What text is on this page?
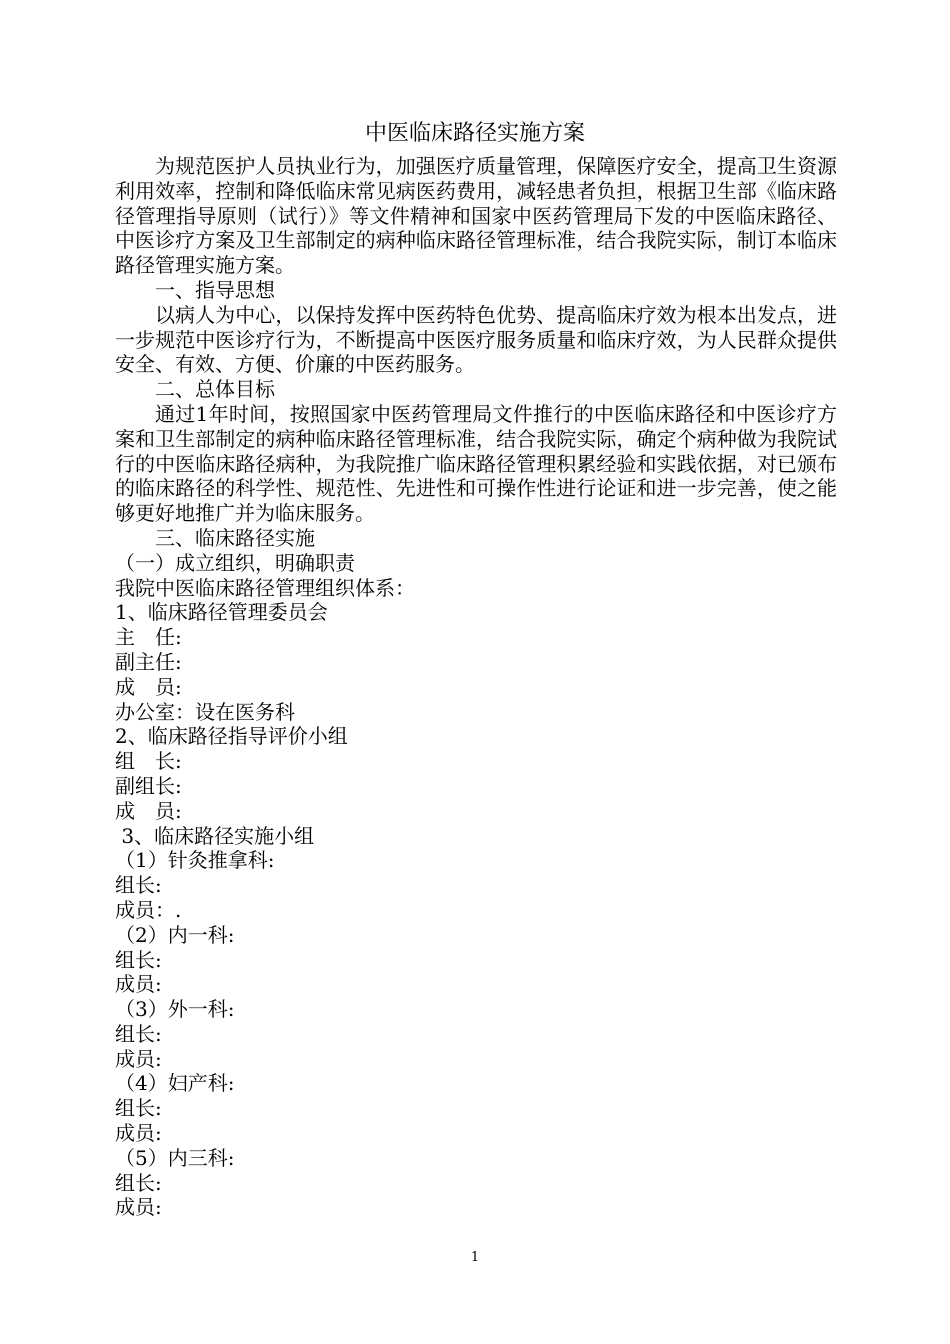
中医临床路径实施方案

为规范医护人员执业行为，加强医疗质量管理，保障医疗安全，提高卫生资源利用效率，控制和降低临床常见病医药费用，减轻患者负担，根据卫生部《临床路径管理指导原则（试行）》等文件精神和国家中医药管理局下发的中医临床路径、中医诊疗方案及卫生部制定的病种临床路径管理标准，结合我院实际，制订本临床路径管理实施方案。

一、指导思想

以病人为中心，以保持发挥中医药特色优势、提高临床疗效为根本出发点，进一步规范中医诊疗行为，不断提高中医医疗服务质量和临床疗效，为人民群众提供安全、有效、方便、价廉的中医药服务。

二、总体目标

通过1年时间，按照国家中医药管理局文件推行的中医临床路径和中医诊疗方案和卫生部制定的病种临床路径管理标准，结合我院实际，确定个病种做为我院试行的中医临床路径病种，为我院推广临床路径管理积累经验和实践依据，对已颁布的临床路径的科学性、规范性、先进性和可操作性进行论证和进一步完善，使之能够更好地推广并为临床服务。

三、临床路径实施

（一）成立组织，明确职责

我院中医临床路径管理组织体系：

1、临床路径管理委员会

主　任:

副主任:

成　员:

办公室：设在医务科

2、临床路径指导评价小组

组　长:

副组长:

成　员:

3、临床路径实施小组

（1）针灸推拿科:

组长:

成员：.

（2）内一科:

组长:

成员:

（3）外一科:

组长:

成员:

（4）妇产科:

组长:

成员:

（5）内三科:

组长:

成员:

1
